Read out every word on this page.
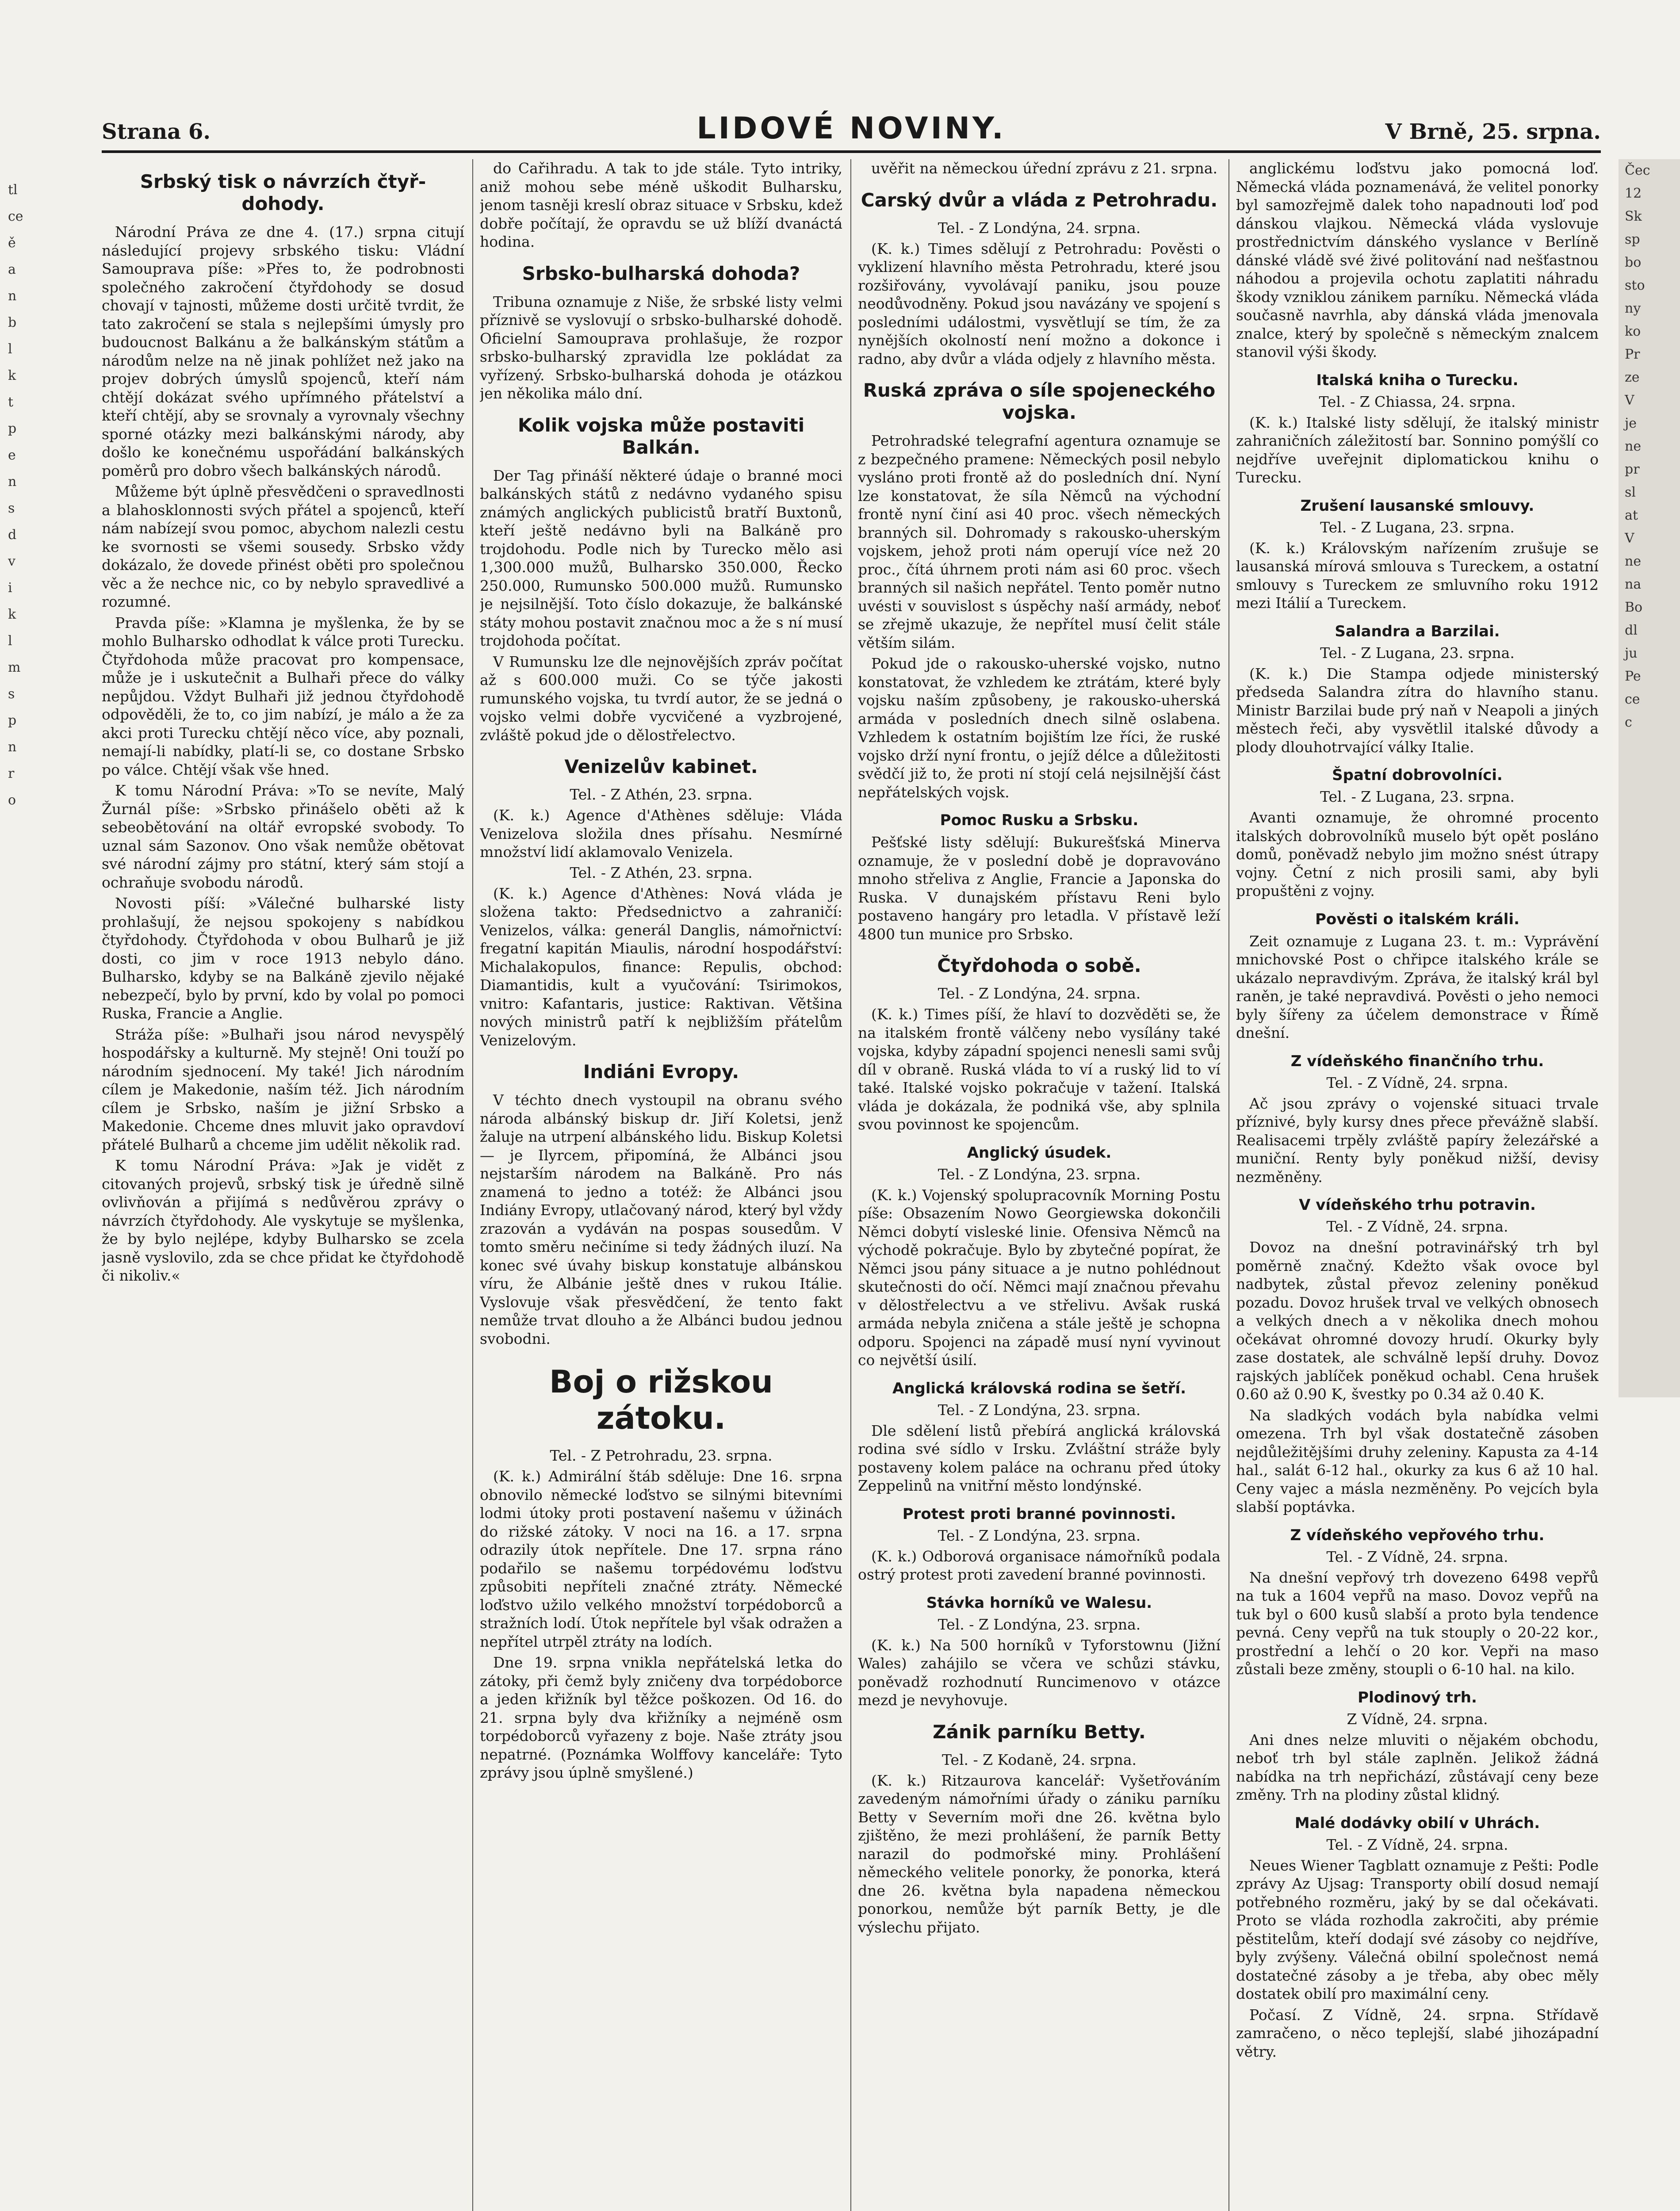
Strana 6.	LIDOVÉ NOVINY.	V Brně, 25. srpna.
tl
ce
ě
a
n
b
l
k
t
p
e
n
s
d
v
i
k
l
m
s
p
n
r
o
Čec
12
Sk
sp
bo
sto
ny
ko
Pr
ze
V
je
ne
pr
sl
at
V
ne
na
Bo
dl
ju
Pe
ce
c
Srbský tisk o návrzích čtyř-dohody.

Národní Práva ze dne 4. (17.) srpna citují následující projevy srbského tisku: Vládní Samouprava píše: »Přes to, že podrobnosti společného zakročení čtyřdohody se dosud chovají v tajnosti, můžeme dosti určitě tvrdit, že tato zakročení se stala s nejlepšími úmysly pro budoucnost Balkánu a že balkánským státům a národům nelze na ně jinak pohlížet než jako na projev dobrých úmyslů spojenců, kteří nám chtějí dokázat svého upřímného přátelství a kteří chtějí, aby se srovnaly a vyrovnaly všechny sporné otázky mezi balkánskými národy, aby došlo ke konečnému uspořádání balkánských poměrů pro dobro všech balkánských národů.

Můžeme být úplně přesvědčeni o spravedlnosti a blahosklonnosti svých přátel a spojenců, kteří nám nabízejí svou pomoc, abychom nalezli cestu ke svornosti se všemi sousedy. Srbsko vždy dokázalo, že dovede přinést oběti pro společnou věc a že nechce nic, co by nebylo spravedlivé a rozumné.

Pravda píše: »Klamna je myšlenka, že by se mohlo Bulharsko odhodlat k válce proti Turecku. Čtyřdohoda může pracovat pro kompensace, může je i uskutečnit a Bulhaři přece do války nepůjdou. Vždyt Bulhaři již jednou čtyřdohodě odpověděli, že to, co jim nabízí, je málo a že za akci proti Turecku chtějí něco více, aby poznali, nemají-li nabídky, platí-li se, co dostane Srbsko po válce. Chtějí však vše hned.

K tomu Národní Práva: »To se nevíte, Malý Žurnál píše: »Srbsko přinášelo oběti až k sebeobětování na oltář evropské svobody. To uznal sám Sazonov. Ono však nemůže obětovat své národní zájmy pro státní, který sám stojí a ochraňuje svobodu národů.

Novosti píší: »Válečné bulharské listy prohlašují, že nejsou spokojeny s nabídkou čtyřdohody. Čtyřdohoda v obou Bulharů je již dosti, co jim v roce 1913 nebylo dáno. Bulharsko, kdyby se na Balkáně zjevilo nějaké nebezpečí, bylo by první, kdo by volal po pomoci Ruska, Francie a Anglie.

Stráža píše: »Bulhaři jsou národ nevyspělý hospodářsky a kulturně. My stejně! Oni touží po národním sjednocení. My také! Jich národním cílem je Makedonie, naším též. Jich národním cílem je Srbsko, naším je jižní Srbsko a Makedonie. Chceme dnes mluvit jako opravdoví přátelé Bulharů a chceme jim udělit několik rad.

K tomu Národní Práva: »Jak je vidět z citovaných projevů, srbský tisk je úředně silně ovlivňován a přijímá s nedůvěrou zprávy o návrzích čtyřdohody. Ale vyskytuje se myšlenka, že by bylo nejlépe, kdyby Bulharsko se zcela jasně vyslovilo, zda se chce přidat ke čtyřdohodě či nikoliv.«

do Cařihradu. A tak to jde stále. Tyto intriky, aniž mohou sebe méně uškodit Bulharsku, jenom tasněji kreslí obraz situace v Srbsku, kdež dobře počítají, že opravdu se už blíží dvanáctá hodina.

Srbsko-bulharská dohoda?

Tribuna oznamuje z Niše, že srbské listy velmi příznivě se vyslovují o srbsko-bulharské dohodě. Oficielní Samouprava prohlašuje, že rozpor srbsko-bulharský zpravidla lze pokládat za vyřízený. Srbsko-bulharská dohoda je otázkou jen několika málo dní.

Kolik vojska může postaviti Balkán.

Der Tag přináší některé údaje o branné moci balkánských států z nedávno vydaného spisu známých anglických publicistů bratří Buxtonů, kteří ještě nedávno byli na Balkáně pro trojdohodu. Podle nich by Turecko mělo asi 1,300.000 mužů, Bulharsko 350.000, Řecko 250.000, Rumunsko 500.000 mužů. Rumunsko je nejsilnější. Toto číslo dokazuje, že balkánské státy mohou postavit značnou moc a že s ní musí trojdohoda počítat.

V Rumunsku lze dle nejnovějších zpráv počítat až s 600.000 muži. Co se týče jakosti rumunského vojska, tu tvrdí autor, že se jedná o vojsko velmi dobře vycvičené a vyzbrojené, zvláště pokud jde o dělostřelectvo.

Venizelův kabinet.
Tel. - Z Athén, 23. srpna.

(K. k.) Agence d'Athènes sděluje: Vláda Venizelova složila dnes přísahu. Nesmírné množství lidí aklamovalo Venizela.

Tel. - Z Athén, 23. srpna.

(K. k.) Agence d'Athènes: Nová vláda je složena takto: Předsednictvo a zahraničí: Venizelos, válka: generál Danglis, námořnictví: fregatní kapitán Miaulis, národní hospodářství: Michalakopulos, finance: Repulis, obchod: Diamantidis, kult a vyučování: Tsirimokos, vnitro: Kafantaris, justice: Raktivan. Většina nových ministrů patří k nejbližším přátelům Venizelovým.

Indiáni Evropy.

V téchto dnech vystoupil na obranu svého národa albánský biskup dr. Jiří Koletsi, jenž žaluje na utrpení albánského lidu. Biskup Koletsi — je Ilyrcem, připomíná, že Albánci jsou nejstarším národem na Balkáně. Pro nás znamená to jedno a totéž: že Albánci jsou Indiány Evropy, utlačovaný národ, který byl vždy zrazován a vydáván na pospas sousedům. V tomto směru nečiníme si tedy žádných iluzí. Na konec své úvahy biskup konstatuje albánskou víru, že Albánie ještě dnes v rukou Itálie. Vyslovuje však přesvědčení, že tento fakt nemůže trvat dlouho a že Albánci budou jednou svobodni.

Boj o rižskou zátoku.
Tel. - Z Petrohradu, 23. srpna.

(K. k.) Admirální štáb sděluje: Dne 16. srpna obnovilo německé loďstvo se silnými bitevními lodmi útoky proti postavení našemu v úžinách do rižské zátoky. V noci na 16. a 17. srpna odrazily útok nepřítele. Dne 17. srpna ráno podařilo se našemu torpédovému loďstvu způsobiti nepříteli značné ztráty. Německé loďstvo užilo velkého množství torpédoborců a stražních lodí. Útok nepřítele byl však odražen a nepřítel utrpěl ztráty na lodích.

Dne 19. srpna vnikla nepřátelská letka do zátoky, při čemž byly zničeny dva torpédoborce a jeden křižník byl těžce poškozen. Od 16. do 21. srpna byly dva křižníky a nejméně osm torpédoborců vyřazeny z boje. Naše ztráty jsou nepatrné. (Poznámka Wolffovy kanceláře: Tyto zprávy jsou úplně smyšlené.)

uvěřit na německou úřední zprávu z 21. srpna.

Carský dvůr a vláda z Petrohradu.
Tel. - Z Londýna, 24. srpna.

(K. k.) Times sdělují z Petrohradu: Pověsti o vyklizení hlavního města Petrohradu, které jsou rozšiřovány, vyvolávají paniku, jsou pouze neodůvodněny. Pokud jsou navázány ve spojení s posledními událostmi, vysvětlují se tím, že za nynějších okolností není možno a dokonce i radno, aby dvůr a vláda odjely z hlavního města.

Ruská zpráva o síle spojeneckého vojska.

Petrohradské telegrafní agentura oznamuje se z bezpečného pramene: Německých posil nebylo vysláno proti frontě až do posledních dní. Nyní lze konstatovat, že síla Němců na východní frontě nyní činí asi 40 proc. všech německých branných sil. Dohromady s rakousko-uherským vojskem, jehož proti nám operují více než 20 proc., čítá úhrnem proti nám asi 60 proc. všech branných sil našich nepřátel. Tento poměr nutno uvésti v souvislost s úspěchy naší armády, neboť se zřejmě ukazuje, že nepřítel musí čelit stále větším silám.

Pokud jde o rakousko-uherské vojsko, nutno konstatovat, že vzhledem ke ztrátám, které byly vojsku naším způsobeny, je rakousko-uherská armáda v posledních dnech silně oslabena. Vzhledem k ostatním bojištím lze říci, že ruské vojsko drží nyní frontu, o jejíž délce a důležitosti svědčí již to, že proti ní stojí celá nejsilnější část nepřátelských vojsk.

Pomoc Rusku a Srbsku.

Pešťské listy sdělují: Bukurešťská Minerva oznamuje, že v poslední době je dopravováno mnoho střeliva z Anglie, Francie a Japonska do Ruska. V dunajském přístavu Reni bylo postaveno hangáry pro letadla. V přístavě leží 4800 tun munice pro Srbsko.

Čtyřdohoda o sobě.
Tel. - Z Londýna, 24. srpna.

(K. k.) Times píší, že hlaví to dozvěděti se, že na italském frontě válčeny nebo vysílány také vojska, kdyby západní spojenci nenesli sami svůj díl v obraně. Ruská vláda to ví a ruský lid to ví také. Italské vojsko pokračuje v tažení. Italská vláda je dokázala, že podniká vše, aby splnila svou povinnost ke spojencům.

Anglický úsudek.
Tel. - Z Londýna, 23. srpna.

(K. k.) Vojenský spolupracovník Morning Postu píše: Obsazením Nowo Georgiewska dokončili Němci dobytí visleské linie. Ofensiva Němců na východě pokračuje. Bylo by zbytečné popírat, že Němci jsou pány situace a je nutno pohlédnout skutečnosti do očí. Němci mají značnou převahu v dělostřelectvu a ve střelivu. Avšak ruská armáda nebyla zničena a stále ještě je schopna odporu. Spojenci na západě musí nyní vyvinout co největší úsilí.

Anglická královská rodina se šetří.
Tel. - Z Londýna, 23. srpna.

Dle sdělení listů přebírá anglická královská rodina své sídlo v Irsku. Zvláštní stráže byly postaveny kolem paláce na ochranu před útoky Zeppelinů na vnitřní město londýnské.

Protest proti branné povinnosti.
Tel. - Z Londýna, 23. srpna.

(K. k.) Odborová organisace námořníků podala ostrý protest proti zavedení branné povinnosti.

Stávka horníků ve Walesu.
Tel. - Z Londýna, 23. srpna.

(K. k.) Na 500 horníků v Tyforstownu (Jižní Wales) zahájilo se včera ve schůzi stávku, poněvadž rozhodnutí Runcimenovo v otázce mezd je nevyhovuje.

Zánik parníku Betty.
Tel. - Z Kodaně, 24. srpna.

(K. k.) Ritzaurova kancelář: Vyšetřováním zavedeným námořními úřady o zániku parníku Betty v Severním moři dne 26. května bylo zjištěno, že mezi prohlášení, že parník Betty narazil do podmořské miny. Prohlášení německého velitele ponorky, že ponorka, která dne 26. května byla napadena německou ponorkou, nemůže být parník Betty, je dle výslechu přijato.

anglickému loďstvu jako pomocná loď. Německá vláda poznamenává, že velitel ponorky byl samozřejmě dalek toho napadnouti loď pod dánskou vlajkou. Německá vláda vyslovuje prostřednictvím dánského vyslance v Berlíně dánské vládě své živé politování nad nešťastnou náhodou a projevila ochotu zaplatiti náhradu škody vzniklou zánikem parníku. Německá vláda současně navrhla, aby dánská vláda jmenovala znalce, který by společně s německým znalcem stanovil výši škody.

Italská kniha o Turecku.
Tel. - Z Chiassa, 24. srpna.

(K. k.) Italské listy sdělují, že italský ministr zahraničních záležitostí bar. Sonnino pomýšlí co nejdříve uveřejnit diplomatickou knihu o Turecku.

Zrušení lausanské smlouvy.
Tel. - Z Lugana, 23. srpna.

(K. k.) Královským nařízením zrušuje se lausanská mírová smlouva s Tureckem, a ostatní smlouvy s Tureckem ze smluvního roku 1912 mezi Itálií a Tureckem.

Salandra a Barzilai.
Tel. - Z Lugana, 23. srpna.

(K. k.) Die Stampa odjede ministerský předseda Salandra zítra do hlavního stanu. Ministr Barzilai bude prý naň v Neapoli a jiných městech řeči, aby vysvětlil italské důvody a plody dlouhotrvající války Italie.

Špatní dobrovolníci.
Tel. - Z Lugana, 23. srpna.

Avanti oznamuje, že ohromné procento italských dobrovolníků muselo být opět posláno domů, poněvadž nebylo jim možno snést útrapy vojny. Četní z nich prosili sami, aby byli propuštěni z vojny.

Pověsti o italském králi.

Zeit oznamuje z Lugana 23. t. m.: Vyprávění mnichovské Post o chřipce italského krále se ukázalo nepravdivým. Zpráva, že italský král byl raněn, je také nepravdivá. Pověsti o jeho nemoci byly šířeny za účelem demonstrace v Římě dnešní.

Z vídeňského finančního trhu.
Tel. - Z Vídně, 24. srpna.

Ač jsou zprávy o vojenské situaci trvale příznivé, byly kursy dnes přece převážně slabší. Realisacemi trpěly zvláště papíry železářské a muniční. Renty byly poněkud nižší, devisy nezměněny.

V vídeňského trhu potravin.
Tel. - Z Vídně, 24. srpna.

Dovoz na dnešní potravinářský trh byl poměrně značný. Kdežto však ovoce byl nadbytek, zůstal převoz zeleniny poněkud pozadu. Dovoz hrušek trval ve velkých obnosech a velkých dnech a v několika dnech mohou očekávat ohromné dovozy hrudí. Okurky byly zase dostatek, ale schválně lepší druhy. Dovoz rajských jablíček poněkud ochabl. Cena hrušek 0.60 až 0.90 K, švestky po 0.34 až 0.40 K.

Na sladkých vodách byla nabídka velmi omezena. Trh byl však dostatečně zásoben nejdůležitějšími druhy zeleniny. Kapusta za 4-14 hal., salát 6-12 hal., okurky za kus 6 až 10 hal. Ceny vajec a másla nezměněny. Po vejcích byla slabší poptávka.

Z vídeňského vepřového trhu.
Tel. - Z Vídně, 24. srpna.

Na dnešní vepřový trh dovezeno 6498 vepřů na tuk a 1604 vepřů na maso. Dovoz vepřů na tuk byl o 600 kusů slabší a proto byla tendence pevná. Ceny vepřů na tuk stouply o 20-22 kor., prostřední a lehčí o 20 kor. Vepři na maso zůstali beze změny, stoupli o 6-10 hal. na kilo.

Plodinový trh.
Z Vídně, 24. srpna.

Ani dnes nelze mluviti o nějakém obchodu, neboť trh byl stále zaplněn. Jelikož žádná nabídka na trh nepřichází, zůstávají ceny beze změny. Trh na plodiny zůstal klidný.

Malé dodávky obilí v Uhrách.
Tel. - Z Vídně, 24. srpna.

Neues Wiener Tagblatt oznamuje z Pešti: Podle zprávy Az Ujsag: Transporty obilí dosud nemají potřebného rozměru, jaký by se dal očekávati. Proto se vláda rozhodla zakročiti, aby prémie pěstitelům, kteří dodají své zásoby co nejdříve, byly zvýšeny. Válečná obilní společnost nemá dostatečné zásoby a je třeba, aby obec měly dostatek obilí pro maximální ceny.

Počasí. Z Vídně, 24. srpna. Střídavě zamračeno, o něco teplejší, slabé jihozápadní větry.
